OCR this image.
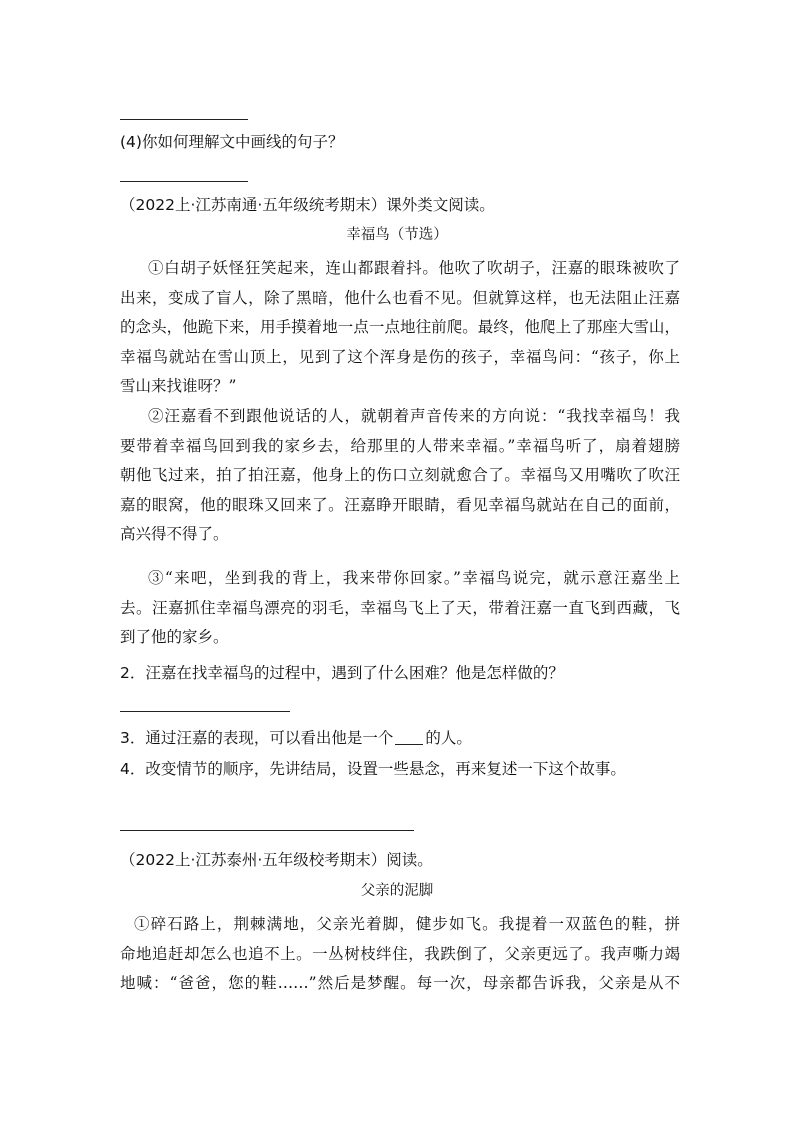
(4)你如何理解文中画线的句子？
（2022上·江苏南通·五年级统考期末）课外类文阅读。
幸福鸟（节选）
①白胡子妖怪狂笑起来，连山都跟着抖。他吹了吹胡子，汪嘉的眼珠被吹了
出来，变成了盲人，除了黑暗，他什么也看不见。但就算这样，也无法阻止汪嘉
的念头，他跪下来，用手摸着地一点一点地往前爬。最终，他爬上了那座大雪山，
幸福鸟就站在雪山顶上，见到了这个浑身是伤的孩子，幸福鸟问：“孩子，你上
雪山来找谁呀？”
②汪嘉看不到跟他说话的人，就朝着声音传来的方向说：“我找幸福鸟！我
要带着幸福鸟回到我的家乡去，给那里的人带来幸福。”幸福鸟听了，扇着翅膀
朝他飞过来，拍了拍汪嘉，他身上的伤口立刻就愈合了。幸福鸟又用嘴吹了吹汪
嘉的眼窝，他的眼珠又回来了。汪嘉睁开眼睛，看见幸福鸟就站在自己的面前，
高兴得不得了。
③“来吧，坐到我的背上，我来带你回家。”幸福鸟说完，就示意汪嘉坐上
去。汪嘉抓住幸福鸟漂亮的羽毛，幸福鸟飞上了天，带着汪嘉一直飞到西藏，飞
到了他的家乡。
2．汪嘉在找幸福鸟的过程中，遇到了什么困难？他是怎样做的？
3．通过汪嘉的表现，可以看出他是一个 的人。
4．改变情节的顺序，先讲结局，设置一些悬念，再来复述一下这个故事。
（2022上·江苏泰州·五年级校考期末）阅读。
父亲的泥脚
①碎石路上，荆棘满地，父亲光着脚，健步如飞。我提着一双蓝色的鞋，拼
命地追赶却怎么也追不上。一丛树枝绊住，我跌倒了，父亲更远了。我声嘶力竭
地喊：“爸爸，您的鞋……”然后是梦醒。每一次，母亲都告诉我，父亲是从不
